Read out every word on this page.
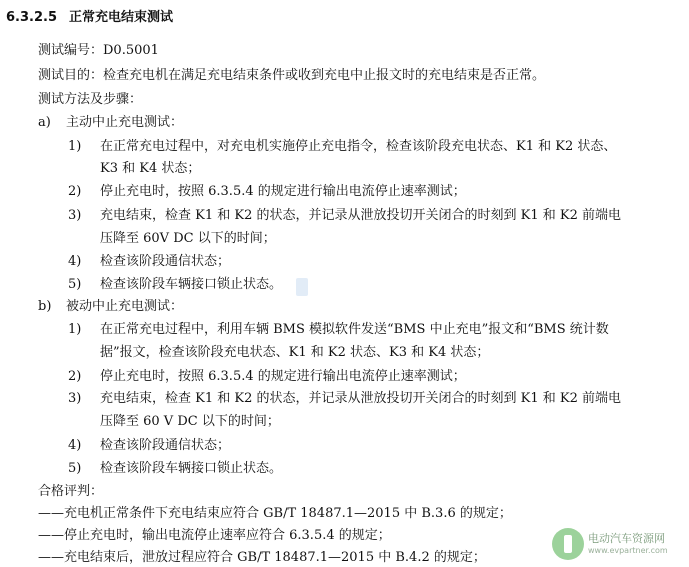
6.3.2.5 正常充电结束测试
测试编号：D0.5001
测试目的：检查充电机在满足充电结束条件或收到充电中止报文时的充电结束是否正常。
测试方法及步骤：
a) 主动中止充电测试：
1) 在正常充电过程中，对充电机实施停止充电指令，检查该阶段充电状态、K1 和 K2 状态、
K3 和 K4 状态；
2) 停止充电时，按照 6.3.5.4 的规定进行输出电流停止速率测试；
3) 充电结束，检查 K1 和 K2 的状态，并记录从泄放投切开关闭合的时刻到 K1 和 K2 前端电
压降至 60V DC 以下的时间；
4) 检查该阶段通信状态；
5) 检查该阶段车辆接口锁止状态。
b) 被动中止充电测试：
1) 在正常充电过程中，利用车辆 BMS 模拟软件发送“BMS 中止充电”报文和“BMS 统计数
据”报文，检查该阶段充电状态、K1 和 K2 状态、K3 和 K4 状态；
2) 停止充电时，按照 6.3.5.4 的规定进行输出电流停止速率测试；
3) 充电结束，检查 K1 和 K2 的状态，并记录从泄放投切开关闭合的时刻到 K1 和 K2 前端电
压降至 60 V DC 以下的时间；
4) 检查该阶段通信状态；
5) 检查该阶段车辆接口锁止状态。
合格评判：
——充电机正常条件下充电结束应符合 GB/T 18487.1—2015 中 B.3.6 的规定；
——停止充电时，输出电流停止速率应符合 6.3.5.4 的规定；
——充电结束后，泄放过程应符合 GB/T 18487.1—2015 中 B.4.2 的规定；
电动汽车资源网
www.evpartner.com
